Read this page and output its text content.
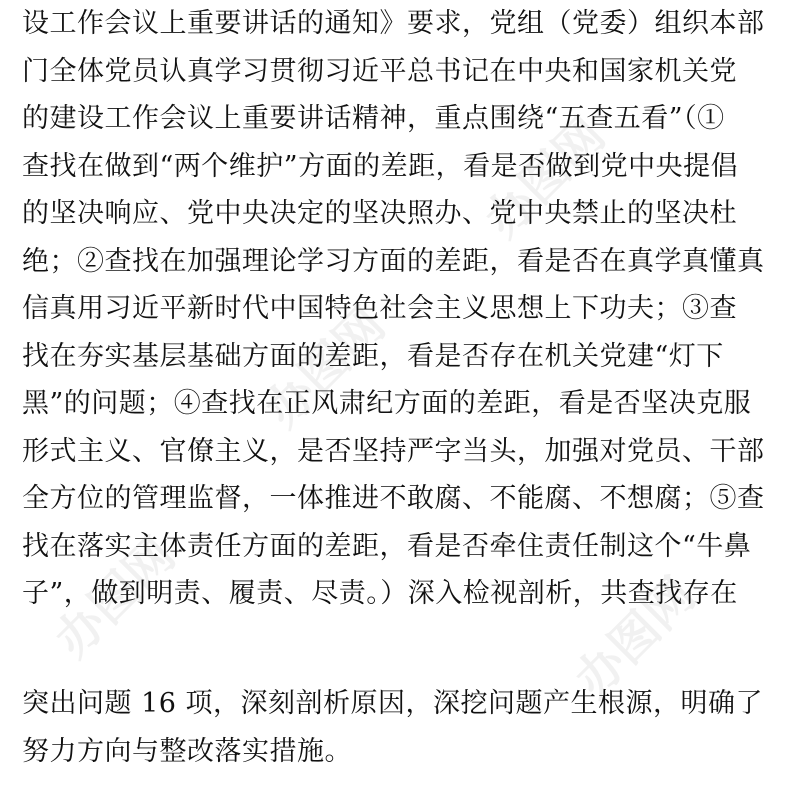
办图网
办图网
办图网	办图网
设工作会议上重要讲话的通知》要求，党组（党委）组织本部
门全体党员认真学习贯彻习近平总书记在中央和国家机关党
的建设工作会议上重要讲话精神，重点围绕“五查五看”（①
查找在做到“两个维护”方面的差距，看是否做到党中央提倡
的坚决响应、党中央决定的坚决照办、党中央禁止的坚决杜
绝；②查找在加强理论学习方面的差距，看是否在真学真懂真
信真用习近平新时代中国特色社会主义思想上下功夫；③查
找在夯实基层基础方面的差距，看是否存在机关党建“灯下
黑”的问题；④查找在正风肃纪方面的差距，看是否坚决克服
形式主义、官僚主义，是否坚持严字当头，加强对党员、干部
全方位的管理监督，一体推进不敢腐、不能腐、不想腐；⑤查
找在落实主体责任方面的差距，看是否牵住责任制这个“牛鼻
子”，做到明责、履责、尽责。）深入检视剖析，共查找存在
突出问题 16 项，深刻剖析原因，深挖问题产生根源，明确了
努力方向与整改落实措施。
